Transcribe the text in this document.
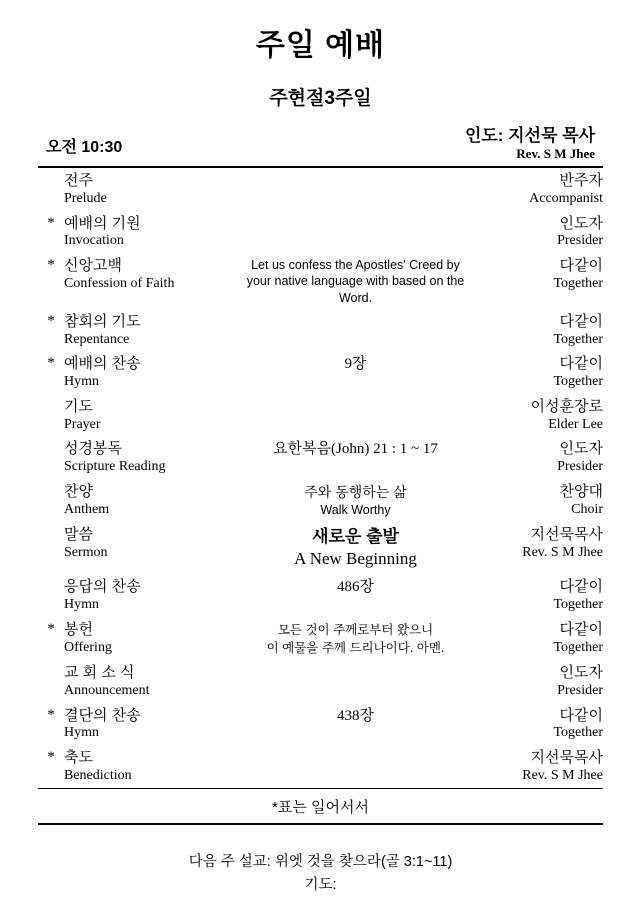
주일 예배
주현절3주일
오전 10:30
인도: 지선묵 목사
Rev. S M Jhee

	전주
Prelude		반주자
Accompanist

*	예배의 기원
Invocation		인도자
Presider

*	신앙고백
Confession of Faith	Let us confess the Apostles' Creed by
your native language with based on the Word.	다같이
Together

*	참회의 기도
Repentance		다같이
Together

*	예배의 찬송
Hymn	9장	다같이
Together

	기도
Prayer		이성훈장로
Elder Lee

	성경봉독
Scripture Reading	요한복음(John) 21 : 1 ~ 17	인도자
Presider

	찬양
Anthem	주와 동행하는 삶
Walk Worthy	찬양대
Choir

	말씀
Sermon	새로운 출발
A New Beginning	지선묵목사
Rev. S M Jhee

	응답의 찬송
Hymn	486장	다같이
Together

*	봉헌
Offering	모든 것이 주께로부터 왔으니
이 예물을 주께 드리나이다. 아멘.	다같이
Together

	교 회 소 식
Announcement		인도자
Presider

*	결단의 찬송
Hymn	438장	다같이
Together

*	축도
Benediction		지선묵목사
Rev. S M Jhee
*표는 일어서서
다음 주 설교: 위엣 것을 찾으라(골 3:1~11)
기도:
